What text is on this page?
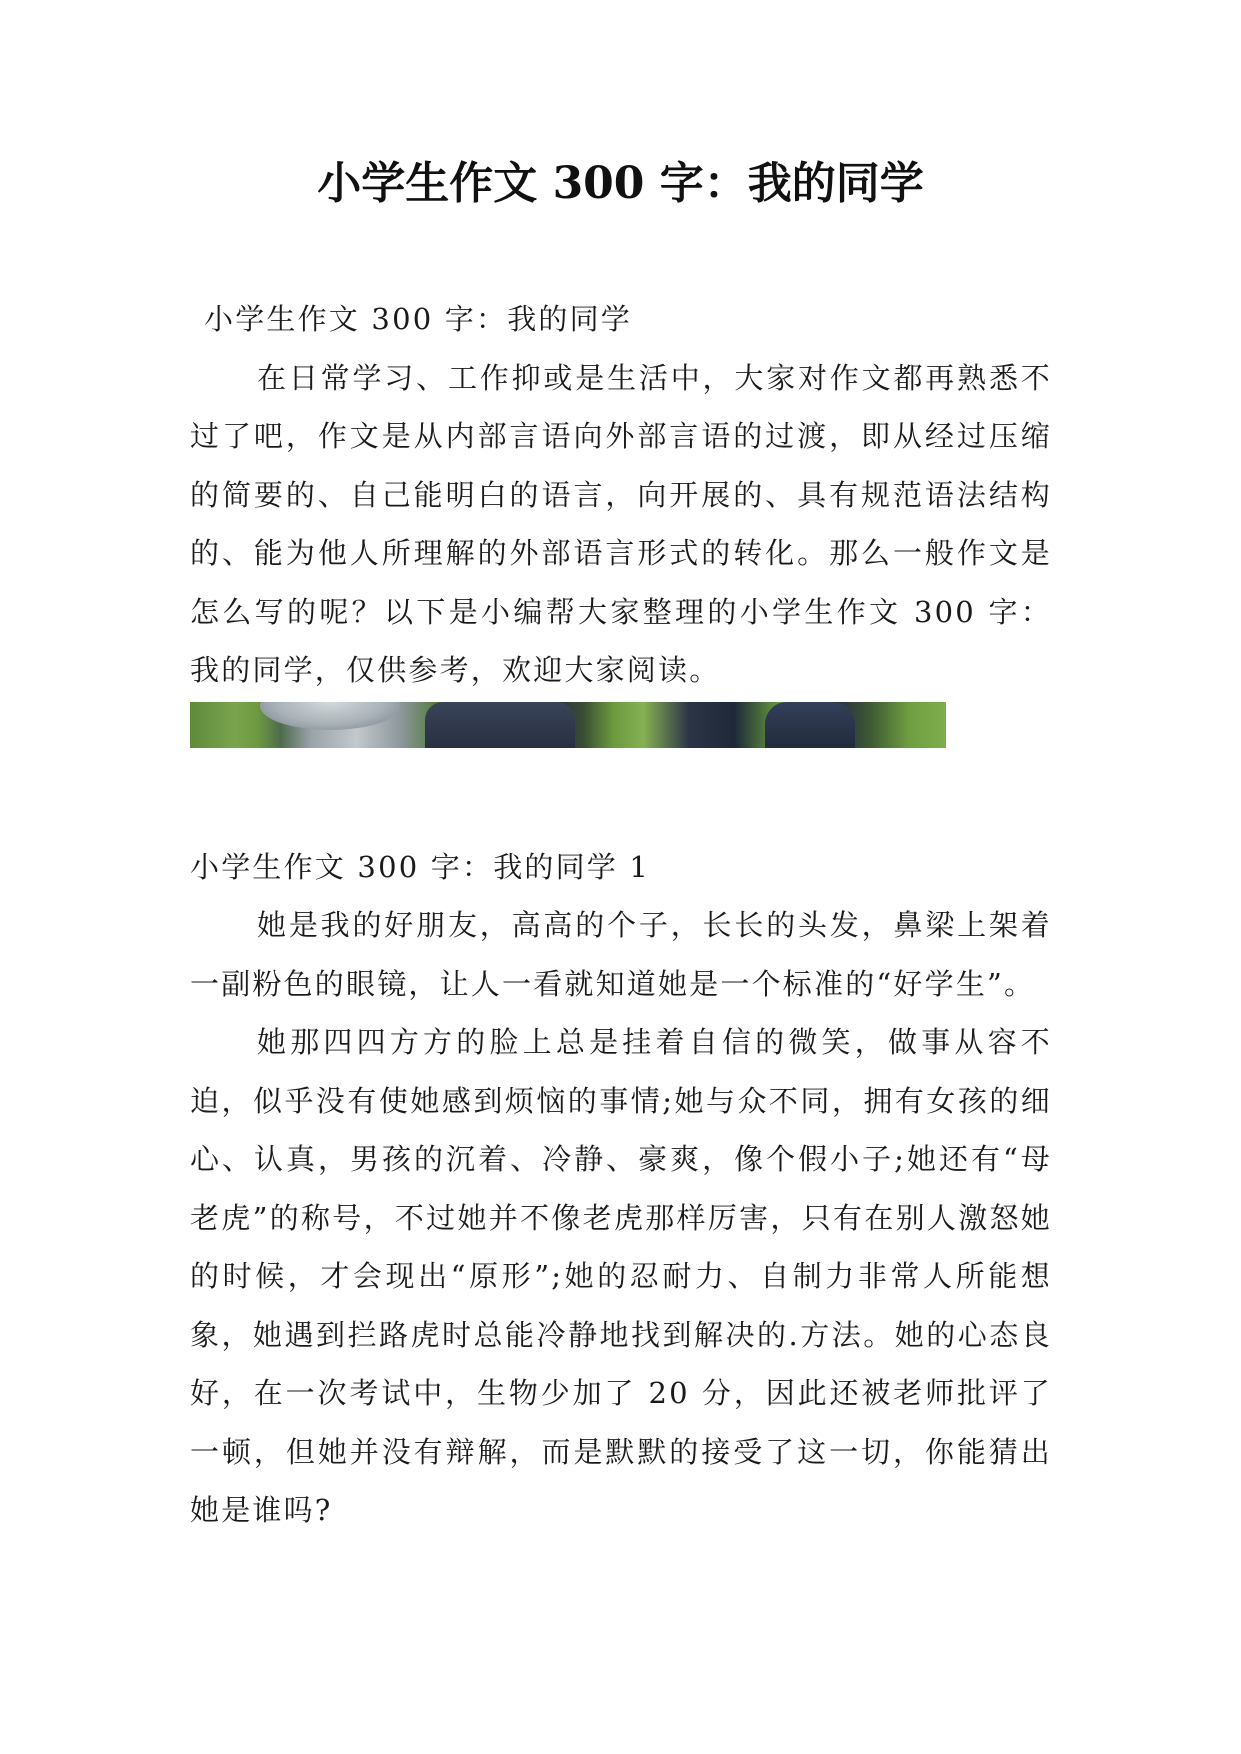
小学生作文 300 字：我的同学

小学生作文 300 字：我的同学

在日常学习、工作抑或是生活中，大家对作文都再熟悉不过了吧，作文是从内部言语向外部言语的过渡，即从经过压缩的简要的、自己能明白的语言，向开展的、具有规范语法结构的、能为他人所理解的外部语言形式的转化。那么一般作文是怎么写的呢？以下是小编帮大家整理的小学生作文 300 字：我的同学，仅供参考，欢迎大家阅读。

小学生作文 300 字：我的同学 1

她是我的好朋友，高高的个子，长长的头发，鼻梁上架着一副粉色的眼镜，让人一看就知道她是一个标准的“好学生”。

她那四四方方的脸上总是挂着自信的微笑，做事从容不迫，似乎没有使她感到烦恼的事情;她与众不同，拥有女孩的细心、认真，男孩的沉着、冷静、豪爽，像个假小子;她还有“母老虎”的称号，不过她并不像老虎那样厉害，只有在别人激怒她的时候，才会现出“原形”;她的忍耐力、自制力非常人所能想象，她遇到拦路虎时总能冷静地找到解决的.方法。她的心态良好，在一次考试中，生物少加了 20 分，因此还被老师批评了一顿，但她并没有辩解，而是默默的接受了这一切，你能猜出她是谁吗?
